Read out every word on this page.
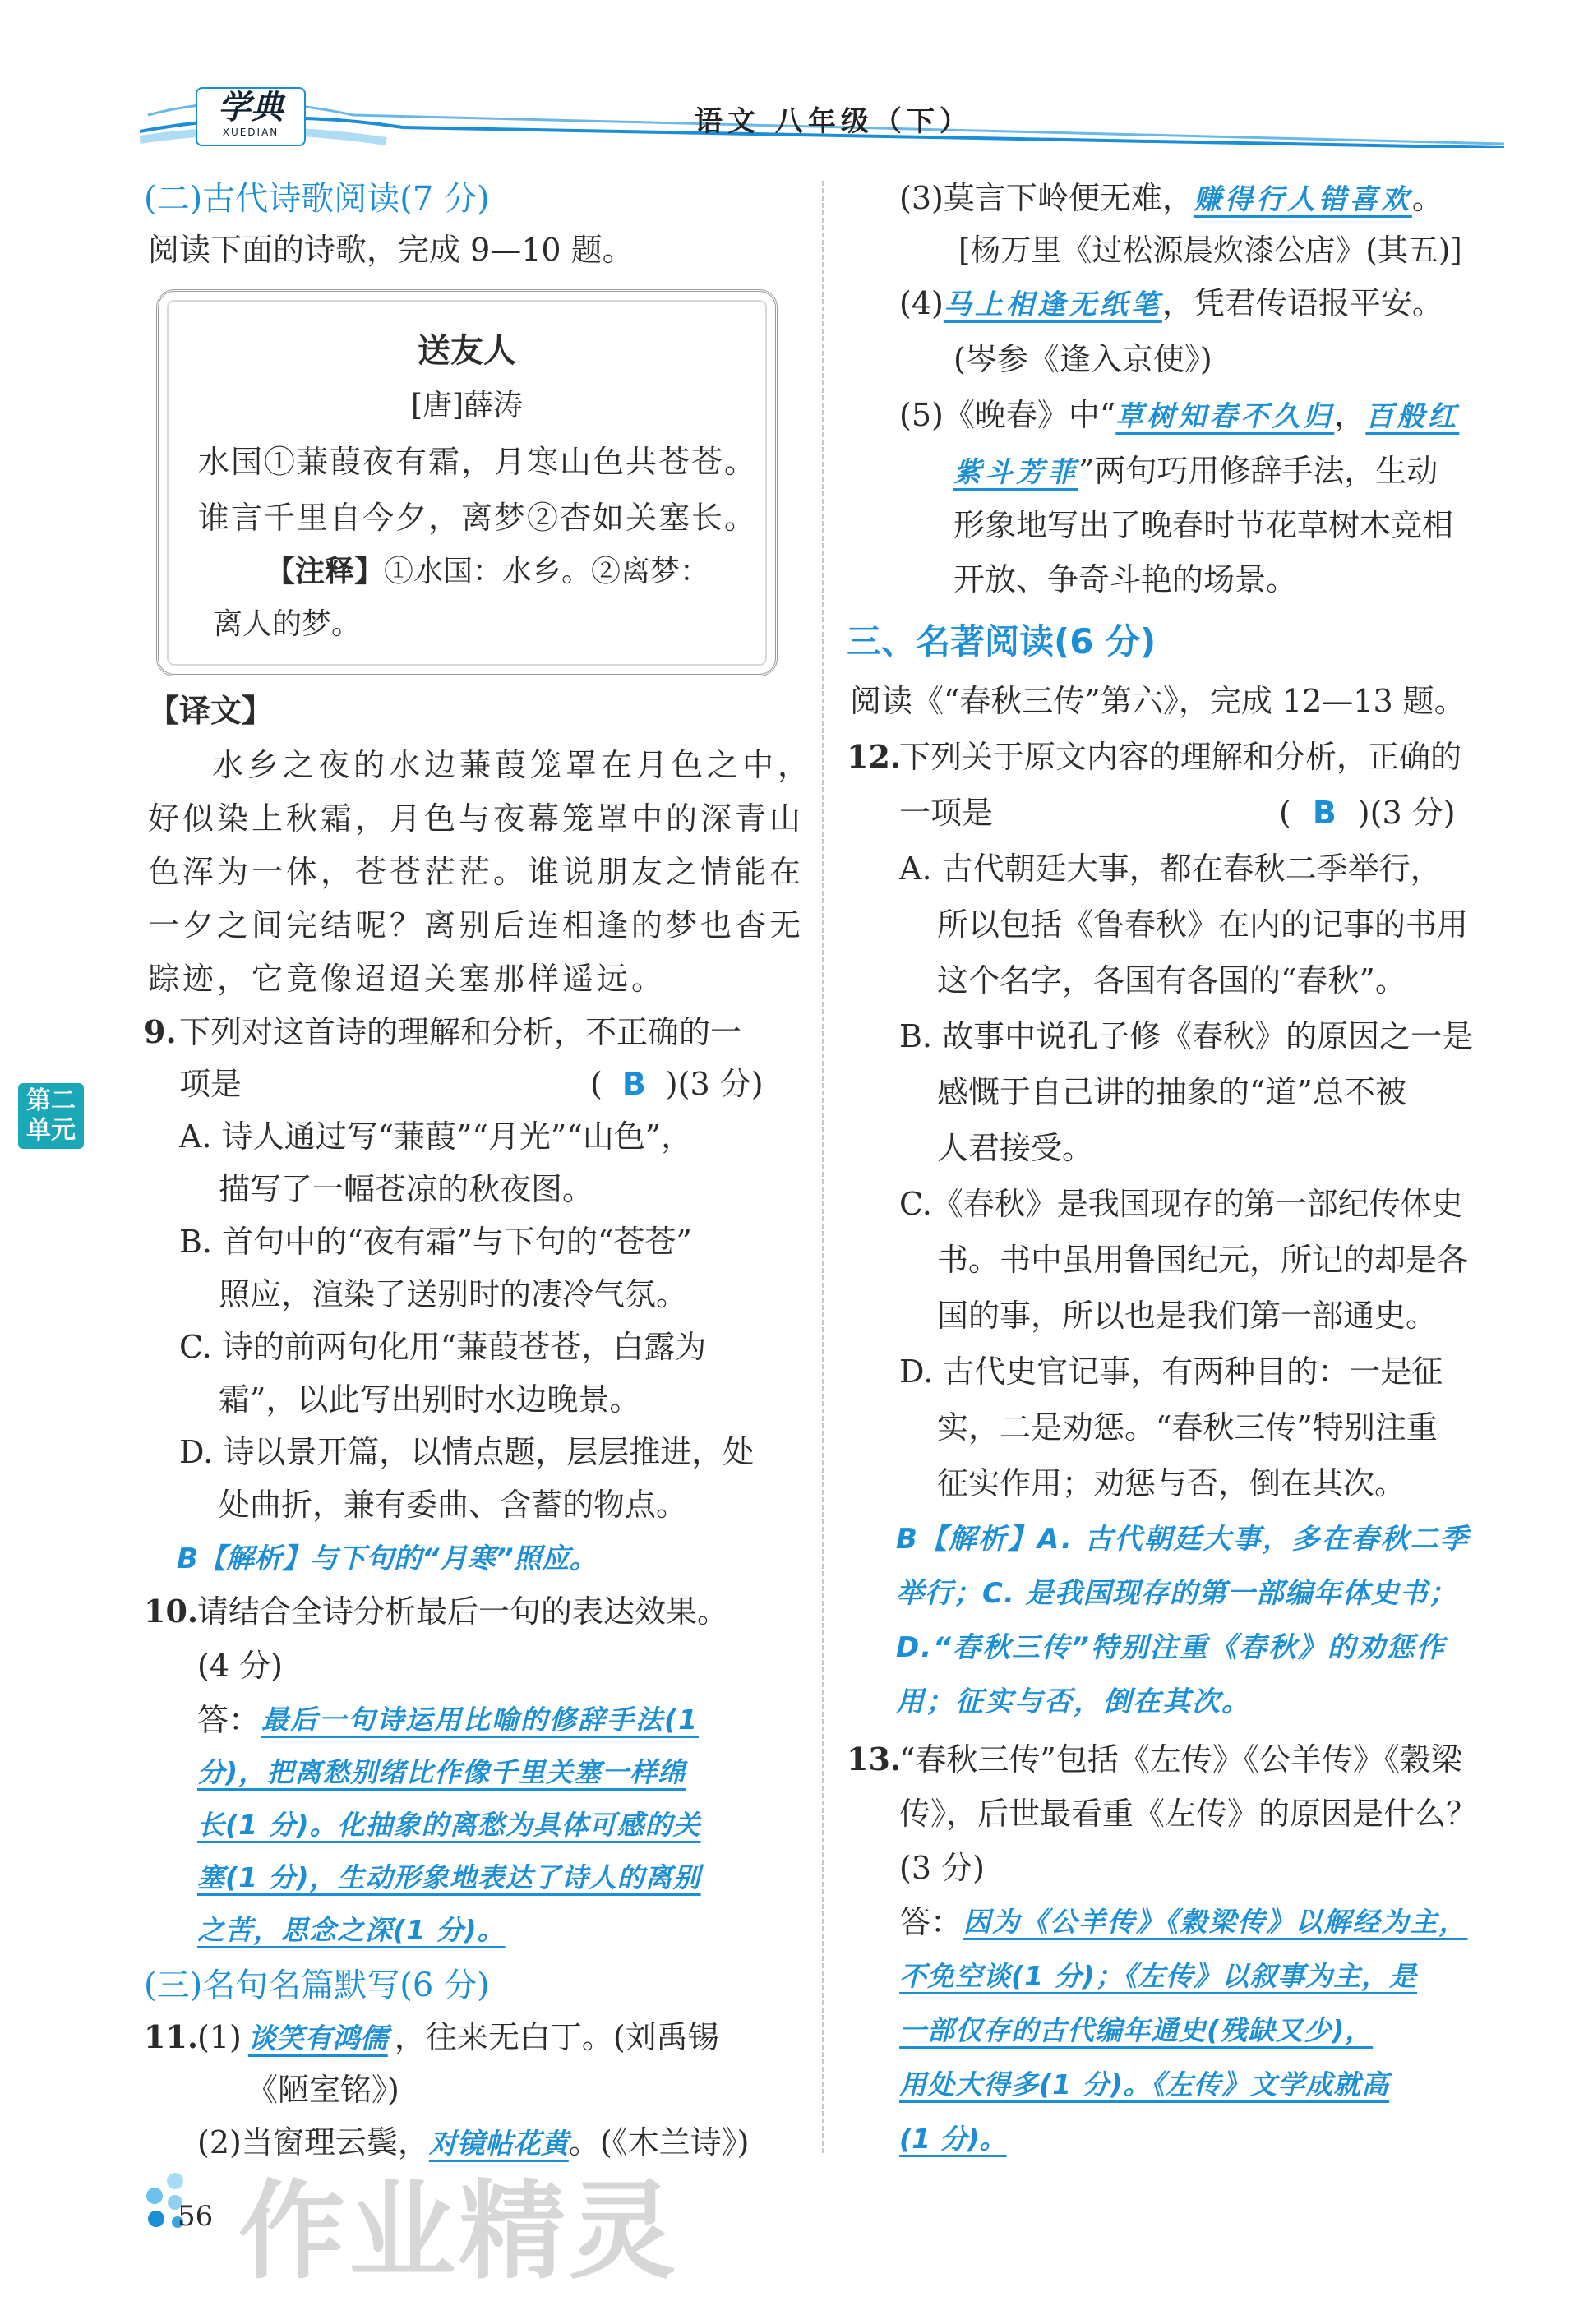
学典
XUEDIAN	语文 八年级（下）
第二单元
(二)古代诗歌阅读(7 分)
阅读下面的诗歌，完成 9—10 题。
送友人
[唐]薛涛
水国①蒹葭夜有霜，月寒山色共苍苍。
谁言千里自今夕，离梦②杳如关塞长。
【注释】①水国：水乡。②离梦：
离人的梦。
【译文】
水乡之夜的水边蒹葭笼罩在月色之中，
好似染上秋霜，月色与夜幕笼罩中的深青山
色浑为一体，苍苍茫茫。谁说朋友之情能在
一夕之间完结呢？离别后连相逢的梦也杳无
踪迹，它竟像迢迢关塞那样遥远。
9. 下列对这首诗的理解和分析，不正确的一
项是	( B )(3 分)
A. 诗人通过写“蒹葭”“月光”“山色”，
描写了一幅苍凉的秋夜图。
B. 首句中的“夜有霜”与下句的“苍苍”
照应，渲染了送别时的凄冷气氛。
C. 诗的前两句化用“蒹葭苍苍，白露为
霜”，以此写出别时水边晚景。
D. 诗以景开篇，以情点题，层层推进，处
处曲折，兼有委曲、含蓄的物点。
B【解析】与下句的“月寒”照应。
10.
请结合全诗分析最后一句的表达效果。
(4 分)
答： 最后一句诗运用比喻的修辞手法(1
分)，把离愁别绪比作像千里关塞一样绵
长(1 分)。化抽象的离愁为具体可感的关
塞(1 分)，生动形象地表达了诗人的离别
之苦，思念之深(1 分)。
(三)名句名篇默写(6 分)
11.
(1) 谈笑有鸿儒 ，往来无白丁。(刘禹锡
《陋室铭》)
(2)当窗理云鬓，对镜帖花黄。(《木兰诗》)
(3)莫言下岭便无难，赚得行人错喜欢。
[杨万里《过松源晨炊漆公店》(其五)]
(4)马上相逢无纸笔，凭君传语报平安。
(岑参《逢入京使》)
(5)《晚春》中“草树知春不久归，百般红
紫斗芳菲”两句巧用修辞手法，生动
形象地写出了晚春时节花草树木竞相
开放、争奇斗艳的场景。
三、名著阅读(6 分)
阅读《“春秋三传”第六》，完成 12—13 题。
12.
下列关于原文内容的理解和分析，正确的
一项是	( B )(3 分)
A. 古代朝廷大事，都在春秋二季举行，
所以包括《鲁春秋》在内的记事的书用
这个名字，各国有各国的“春秋”。
B. 故事中说孔子修《春秋》的原因之一是
感慨于自己讲的抽象的“道”总不被
人君接受。
C.《春秋》是我国现存的第一部纪传体史
书。书中虽用鲁国纪元，所记的却是各
国的事，所以也是我们第一部通史。
D. 古代史官记事，有两种目的：一是征
实，二是劝惩。“春秋三传”特别注重
征实作用；劝惩与否，倒在其次。
B【解析】A. 古代朝廷大事，多在春秋二季
举行；C. 是我国现存的第一部编年体史书；
D.“春秋三传”特别注重《春秋》的劝惩作
用；征实与否，倒在其次。
13.
“春秋三传”包括《左传》《公羊传》《穀梁
传》，后世最看重《左传》的原因是什么？
(3 分)
答： 因为《公羊传》《穀梁传》以解经为主，
不免空谈(1 分)；《左传》以叙事为主，是
一部仅存的古代编年通史(残缺又少)，
用处大得多(1 分)。《左传》文学成就高
(1 分)。
56 作业精灵
